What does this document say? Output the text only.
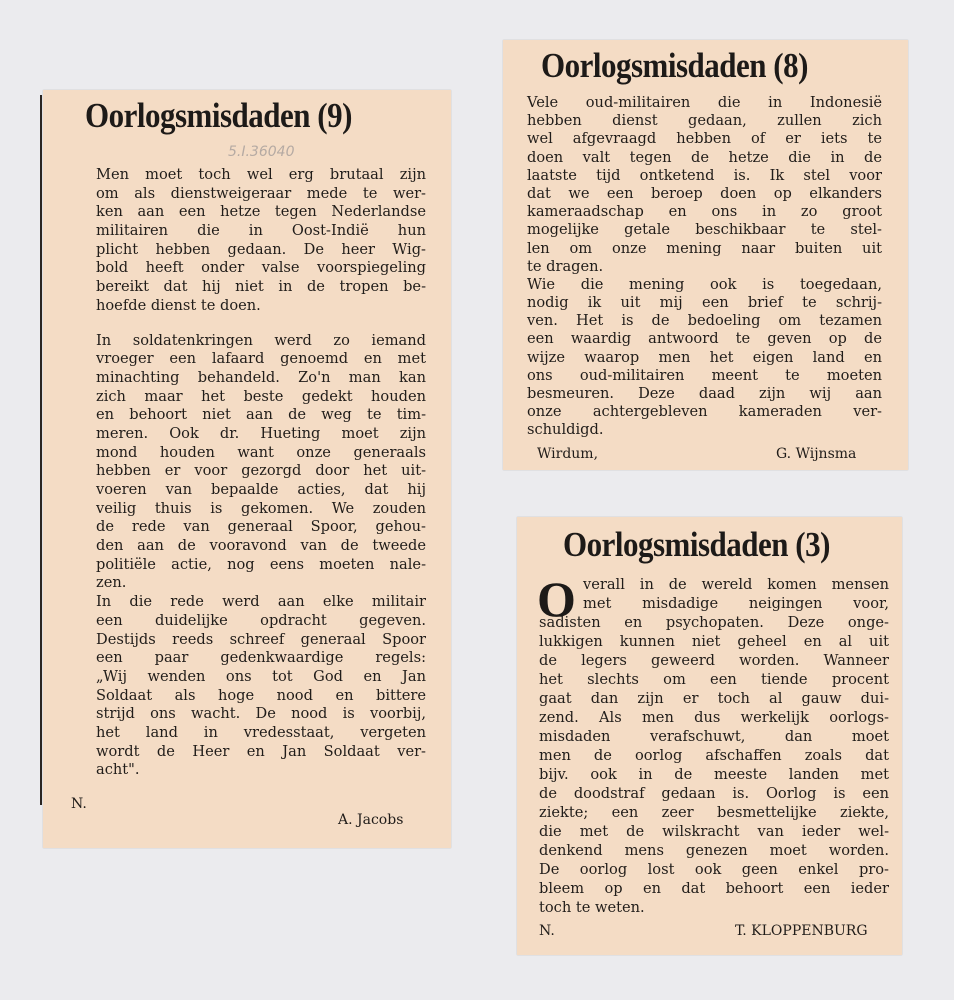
Oorlogsmisdaden (9)
5.I.36040
Men moet toch wel erg brutaal zijn
om als dienstweigeraar mede te wer-
ken aan een hetze tegen Nederlandse
militairen die in Oost-Indië hun
plicht hebben gedaan. De heer Wig-
bold heeft onder valse voorspiegeling
bereikt dat hij niet in de tropen be-
hoefde dienst te doen.
In soldatenkringen werd zo iemand
vroeger een lafaard genoemd en met
minachting behandeld. Zo'n man kan
zich maar het beste gedekt houden
en behoort niet aan de weg te tim-
meren. Ook dr. Hueting moet zijn
mond houden want onze generaals
hebben er voor gezorgd door het uit-
voeren van bepaalde acties, dat hij
veilig thuis is gekomen. We zouden
de rede van generaal Spoor, gehou-
den aan de vooravond van de tweede
politiële actie, nog eens moeten nale-
zen.
In die rede werd aan elke militair
een duidelijke opdracht gegeven.
Destijds reeds schreef generaal Spoor
een paar gedenkwaardige regels:
„Wij wenden ons tot God en Jan
Soldaat als hoge nood en bittere
strijd ons wacht. De nood is voorbij,
het land in vredesstaat, vergeten
wordt de Heer en Jan Soldaat ver-
acht".
N.
A. Jacobs
Oorlogsmisdaden (8)
Vele oud-militairen die in Indonesië
hebben dienst gedaan, zullen zich
wel afgevraagd hebben of er iets te
doen valt tegen de hetze die in de
laatste tijd ontketend is. Ik stel voor
dat we een beroep doen op elkanders
kameraadschap en ons in zo groot
mogelijke getale beschikbaar te stel-
len om onze mening naar buiten uit
te dragen.
Wie die mening ook is toegedaan,
nodig ik uit mij een brief te schrij-
ven. Het is de bedoeling om tezamen
een waardig antwoord te geven op de
wijze waarop men het eigen land en
ons oud-militairen meent te moeten
besmeuren. Deze daad zijn wij aan
onze achtergebleven kameraden ver-
schuldigd.
Wirdum,	G. Wijnsma
Oorlogsmisdaden (3)
O verall in de wereld komen mensen
met misdadige neigingen voor,
sadisten en psychopaten. Deze onge-
lukkigen kunnen niet geheel en al uit
de legers geweerd worden. Wanneer
het slechts om een tiende procent
gaat dan zijn er toch al gauw dui-
zend. Als men dus werkelijk oorlogs-
misdaden verafschuwt, dan moet
men de oorlog afschaffen zoals dat
bijv. ook in de meeste landen met
de doodstraf gedaan is. Oorlog is een
ziekte; een zeer besmettelijke ziekte,
die met de wilskracht van ieder wel-
denkend mens genezen moet worden.
De oorlog lost ook geen enkel pro-
bleem op en dat behoort een ieder
toch te weten.
N.	T. KLOPPENBURG
